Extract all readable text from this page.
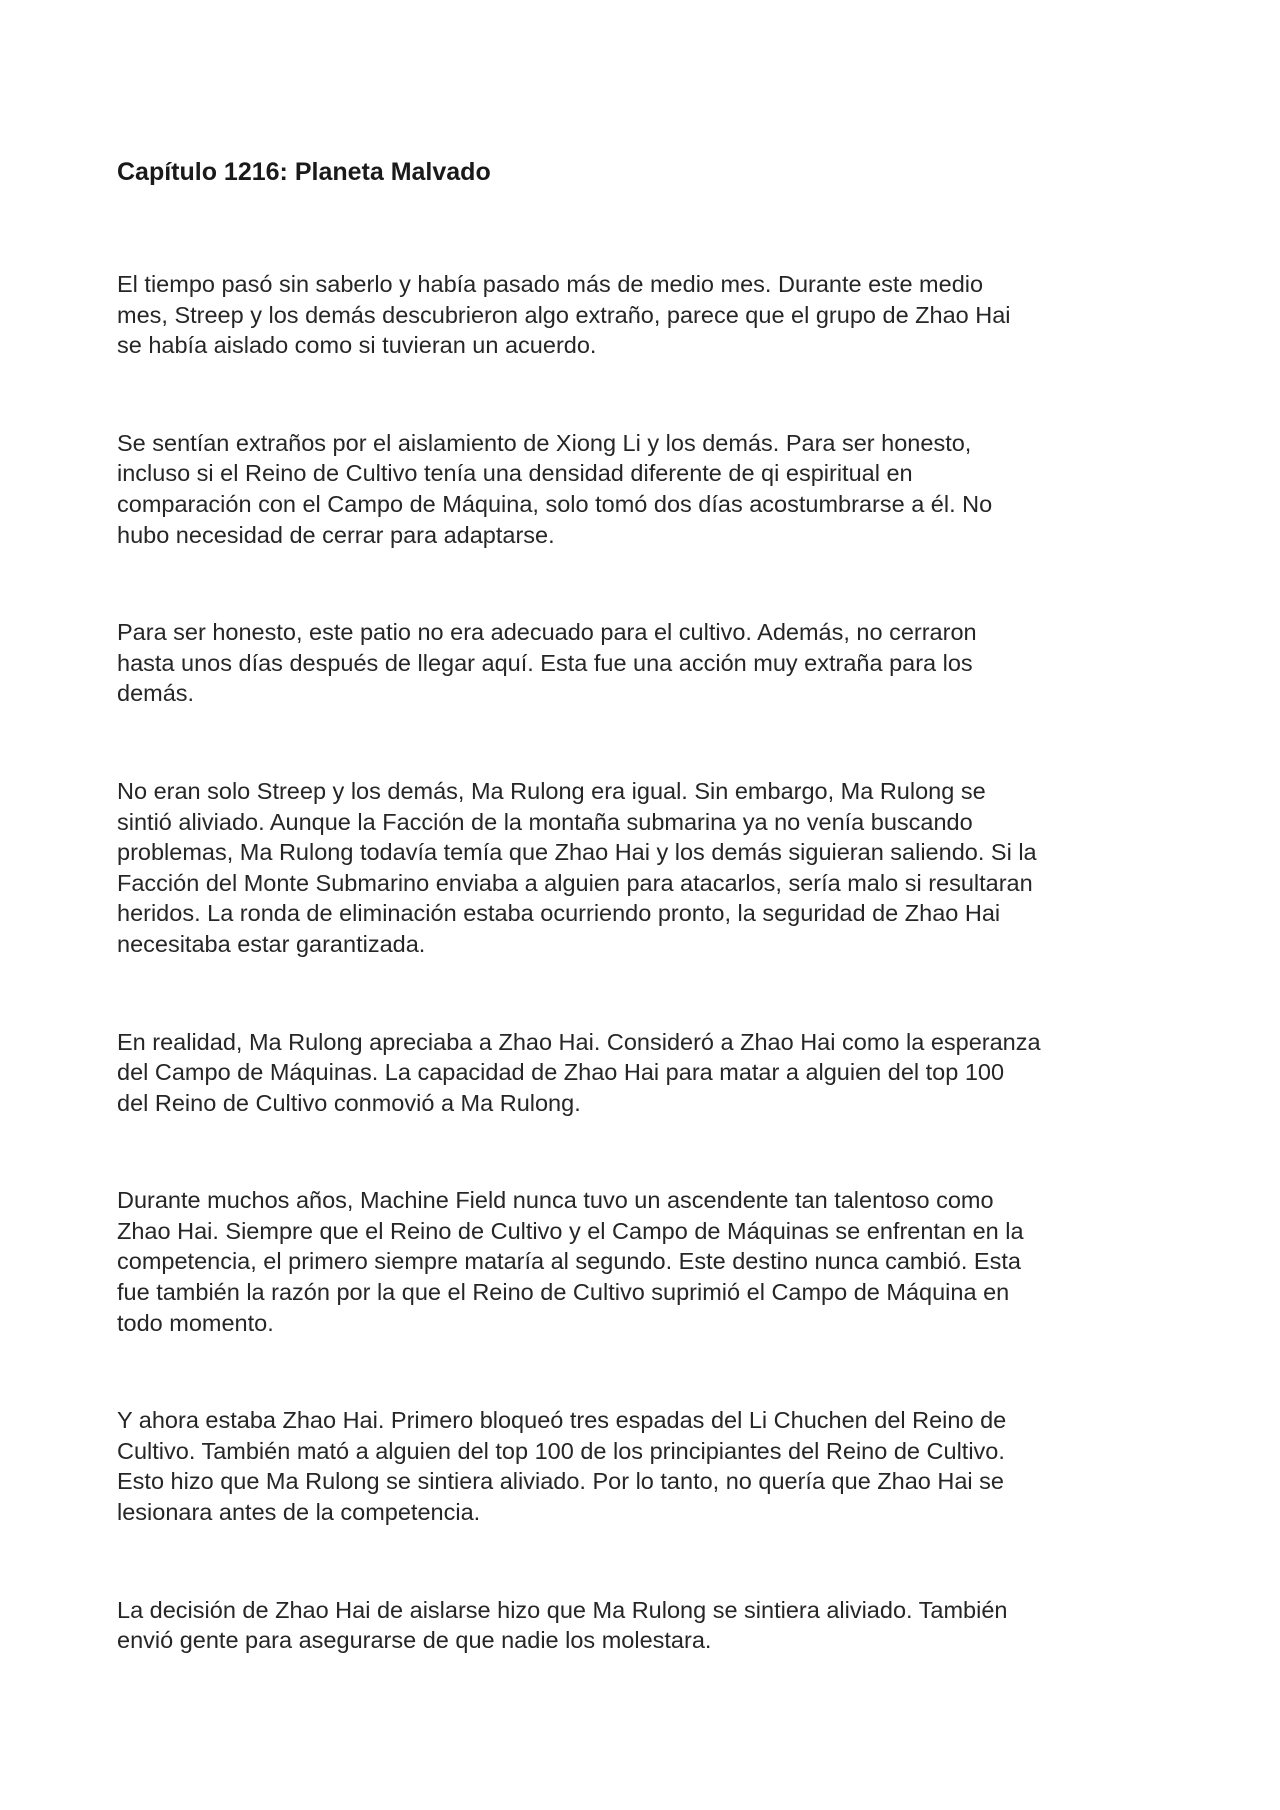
Capítulo 1216: Planeta Malvado

El tiempo pasó sin saberlo y había pasado más de medio mes. Durante este medio
mes, Streep y los demás descubrieron algo extraño, parece que el grupo de Zhao Hai
se había aislado como si tuvieran un acuerdo.

Se sentían extraños por el aislamiento de Xiong Li y los demás. Para ser honesto,
incluso si el Reino de Cultivo tenía una densidad diferente de qi espiritual en
comparación con el Campo de Máquina, solo tomó dos días acostumbrarse a él. No
hubo necesidad de cerrar para adaptarse.

Para ser honesto, este patio no era adecuado para el cultivo. Además, no cerraron
hasta unos días después de llegar aquí. Esta fue una acción muy extraña para los
demás.

No eran solo Streep y los demás, Ma Rulong era igual. Sin embargo, Ma Rulong se
sintió aliviado. Aunque la Facción de la montaña submarina ya no venía buscando
problemas, Ma Rulong todavía temía que Zhao Hai y los demás siguieran saliendo. Si la
Facción del Monte Submarino enviaba a alguien para atacarlos, sería malo si resultaran
heridos. La ronda de eliminación estaba ocurriendo pronto, la seguridad de Zhao Hai
necesitaba estar garantizada.

En realidad, Ma Rulong apreciaba a Zhao Hai. Consideró a Zhao Hai como la esperanza
del Campo de Máquinas. La capacidad de Zhao Hai para matar a alguien del top 100
del Reino de Cultivo conmovió a Ma Rulong.

Durante muchos años, Machine Field nunca tuvo un ascendente tan talentoso como
Zhao Hai. Siempre que el Reino de Cultivo y el Campo de Máquinas se enfrentan en la
competencia, el primero siempre mataría al segundo. Este destino nunca cambió. Esta
fue también la razón por la que el Reino de Cultivo suprimió el Campo de Máquina en
todo momento.

Y ahora estaba Zhao Hai. Primero bloqueó tres espadas del Li Chuchen del Reino de
Cultivo. También mató a alguien del top 100 de los principiantes del Reino de Cultivo.
Esto hizo que Ma Rulong se sintiera aliviado. Por lo tanto, no quería que Zhao Hai se
lesionara antes de la competencia.

La decisión de Zhao Hai de aislarse hizo que Ma Rulong se sintiera aliviado. También
envió gente para asegurarse de que nadie los molestara.
